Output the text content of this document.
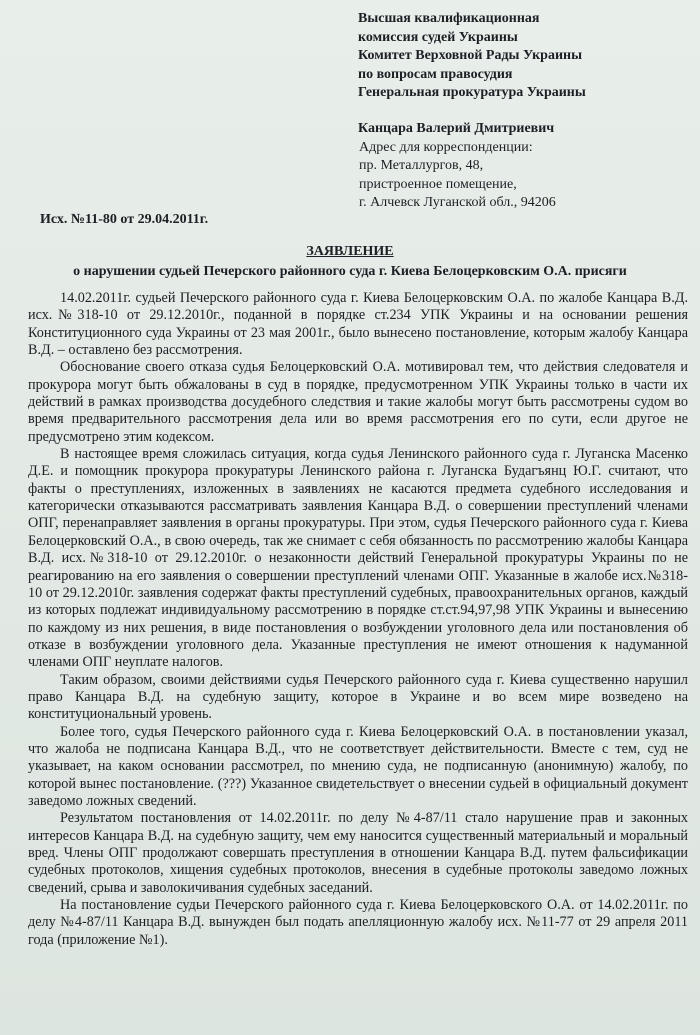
Высшая квалификационная
комиссия судей Украины
Комитет Верховной Рады Украины
по вопросам правосудия
Генеральная прокуратура Украины
Канцара Валерий Дмитриевич
Адрес для корреспонденции:
пр. Металлургов, 48,
пристроенное помещение,
г. Алчевск Луганской обл., 94206
Исх. №11-80 от 29.04.2011г.
ЗАЯВЛЕНИЕ
о нарушении судьей Печерского районного суда г. Киева Белоцерковским О.А. присяги

14.02.2011г. судьей Печерского районного суда г. Киева Белоцерковским О.А. по жалобе Канцара В.Д. исх.№318-10 от 29.12.2010г., поданной в порядке ст.234 УПК Украины и на основании решения Конституционного суда Украины от 23 мая 2001г., было вынесено постановление, которым жалобу Канцара В.Д. – оставлено без рассмотрения.

Обоснование своего отказа судья Белоцерковский О.А. мотивировал тем, что действия следователя и прокурора могут быть обжалованы в суд в порядке, предусмотренном УПК Украины только в части их действий в рамках производства досудебного следствия и такие жалобы могут быть рассмотрены судом во время предварительного рассмотрения дела или во время рассмотрения его по сути, если другое не предусмотрено этим кодексом.

В настоящее время сложилась ситуация, когда судья Ленинского районного суда г. Луганска Масенко Д.Е. и помощник прокурора прокуратуры Ленинского района г. Луганска Будагъянц Ю.Г. считают, что факты о преступлениях, изложенных в заявлениях не касаются предмета судебного исследования и категорически отказываются рассматривать заявления Канцара В.Д. о совершении преступлений членами ОПГ, перенаправляет заявления в органы прокуратуры. При этом, судья Печерского районного суда г. Киева Белоцерковский О.А., в свою очередь, так же снимает с себя обязанность по рассмотрению жалобы Канцара В.Д. исх.№318-10 от 29.12.2010г. о незаконности действий Генеральной прокуратуры Украины по не реагированию на его заявления о совершении преступлений членами ОПГ. Указанные в жалобе исх.№318-10 от 29.12.2010г. заявления содержат факты преступлений судебных, правоохранительных органов, каждый из которых подлежат индивидуальному рассмотрению в порядке ст.ст.94,97,98 УПК Украины и вынесению по каждому из них решения, в виде постановления о возбуждении уголовного дела или постановления об отказе в возбуждении уголовного дела. Указанные преступления не имеют отношения к надуманной членами ОПГ неуплате налогов.

Таким образом, своими действиями судья Печерского районного суда г. Киева существенно нарушил право Канцара В.Д. на судебную защиту, которое в Украине и во всем мире возведено на конституциональный уровень.

Более того, судья Печерского районного суда г. Киева Белоцерковский О.А. в постановлении указал, что жалоба не подписана Канцара В.Д., что не соответствует действительности. Вместе с тем, суд не указывает, на каком основании рассмотрел, по мнению суда, не подписанную (анонимную) жалобу, по которой вынес постановление. (???) Указанное свидетельствует о внесении судьей в официальный документ заведомо ложных сведений.

Результатом постановления от 14.02.2011г. по делу №4-87/11 стало нарушение прав и законных интересов Канцара В.Д. на судебную защиту, чем ему наносится существенный материальный и моральный вред. Члены ОПГ продолжают совершать преступления в отношении Канцара В.Д. путем фальсификации судебных протоколов, хищения судебных протоколов, внесения в судебные протоколы заведомо ложных сведений, срыва и заволокичивания судебных заседаний.

На постановление судьи Печерского районного суда г. Киева Белоцерковского О.А. от 14.02.2011г. по делу №4-87/11 Канцара В.Д. вынужден был подать апелляционную жалобу исх. №11-77 от 29 апреля 2011 года (приложение №1).
